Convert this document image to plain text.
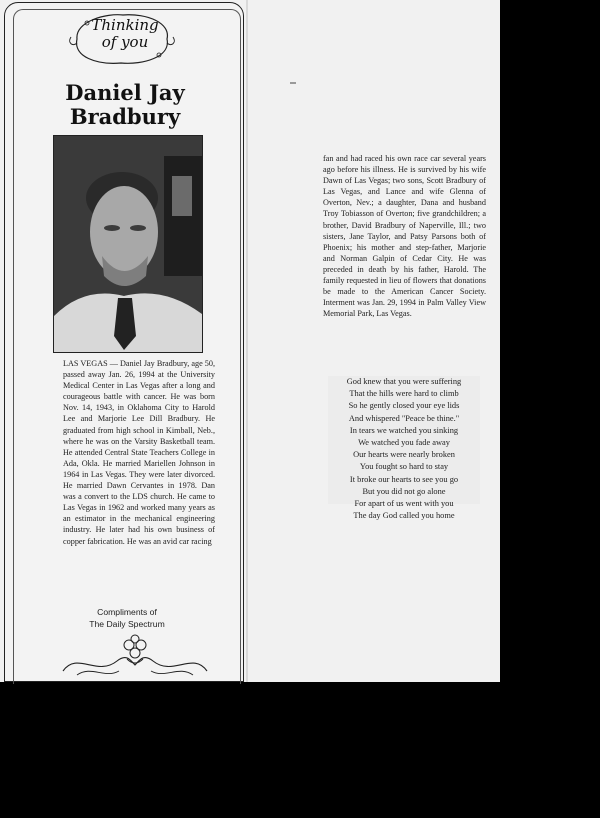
Thinking
of you
Daniel Jay
Bradbury
LAS VEGAS — Daniel Jay Bradbury, age 50, passed away Jan. 26, 1994 at the University Medical Center in Las Vegas after a long and courageous battle with cancer. He was born Nov. 14, 1943, in Oklahoma City to Harold Lee and Marjorie Lee Dill Bradbury. He graduated from high school in Kimball, Neb., where he was on the Varsity Basketball team. He attended Central State Teachers College in Ada, Okla. He married Mariellen Johnson in 1964 in Las Vegas. They were later divorced. He married Dawn Cervantes in 1978. Dan was a convert to the LDS church. He came to Las Vegas in 1962 and worked many years as an estimator in the mechanical engineering industry. He later had his own business of copper fabrication. He was an avid car racing
Compliments of
The Daily Spectrum
fan and had raced his own race car several years ago before his illness. He is survived by his wife Dawn of Las Vegas; two sons, Scott Bradbury of Las Vegas, and Lance and wife Glenna of Overton, Nev.; a daughter, Dana and husband Troy Tobiasson of Overton; five grandchildren; a brother, David Bradbury of Naperville, Ill.; two sisters, Jane Taylor, and Patsy Parsons both of Phoenix; his mother and step-father, Marjorie and Norman Galpin of Cedar City. He was preceded in death by his father, Harold. The family requested in lieu of flowers that donations be made to the American Cancer Society. Interment was Jan. 29, 1994 in Palm Valley View Memorial Park, Las Vegas.
God knew that you were suffering
That the hills were hard to climb
So he gently closed your eye lids
And whispered "Peace be thine."
In tears we watched you sinking
We watched you fade away
Our hearts were nearly broken
You fought so hard to stay
It broke our hearts to see you go
But you did not go alone
For apart of us went with you
The day God called you home
